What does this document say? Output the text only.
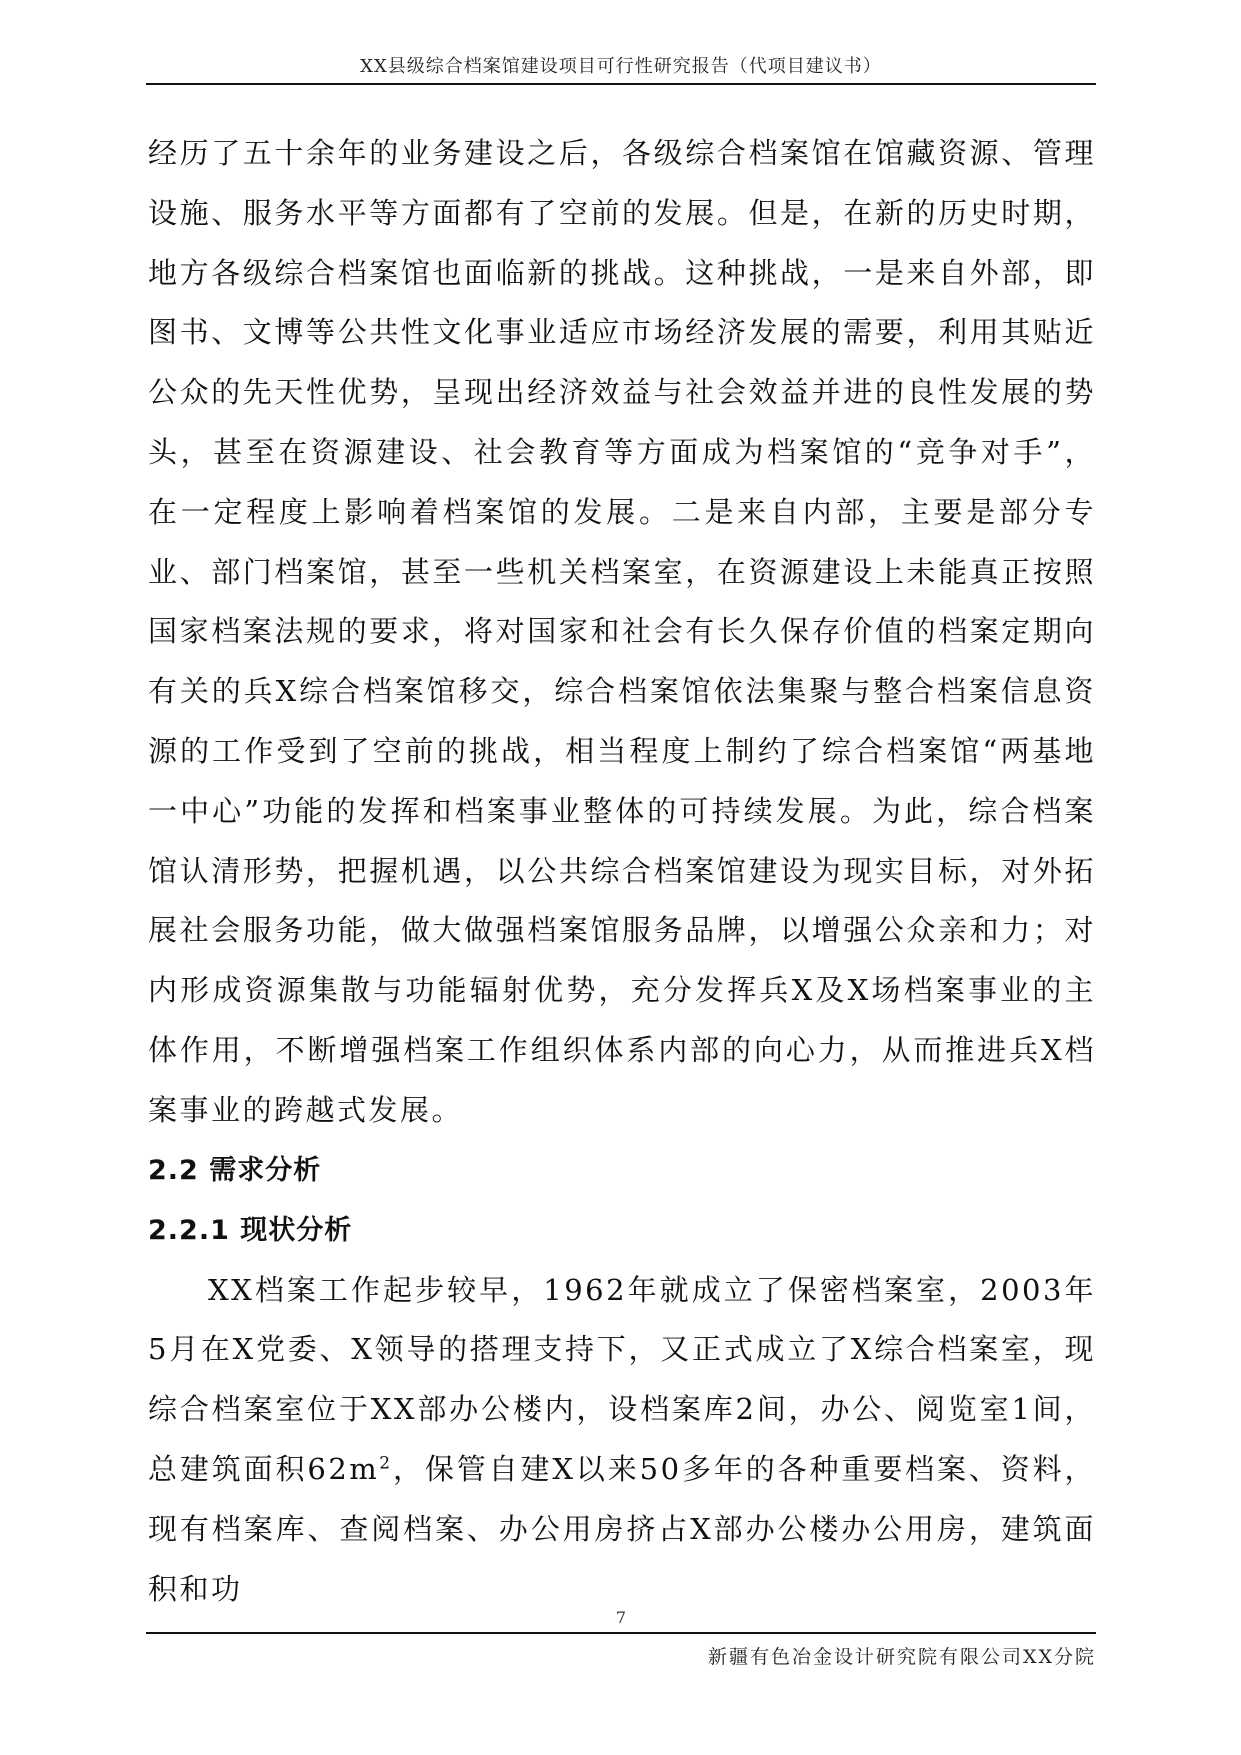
XX县级综合档案馆建设项目可行性研究报告（代项目建议书）

经历了五十余年的业务建设之后，各级综合档案馆在馆藏资源、管理设施、服务水平等方面都有了空前的发展。但是，在新的历史时期，地方各级综合档案馆也面临新的挑战。这种挑战，一是来自外部，即图书、文博等公共性文化事业适应市场经济发展的需要，利用其贴近公众的先天性优势，呈现出经济效益与社会效益并进的良性发展的势头，甚至在资源建设、社会教育等方面成为档案馆的“竞争对手”，在一定程度上影响着档案馆的发展。二是来自内部，主要是部分专业、部门档案馆，甚至一些机关档案室，在资源建设上未能真正按照国家档案法规的要求，将对国家和社会有长久保存价值的档案定期向有关的兵X综合档案馆移交，综合档案馆依法集聚与整合档案信息资源的工作受到了空前的挑战，相当程度上制约了综合档案馆“两基地一中心”功能的发挥和档案事业整体的可持续发展。为此，综合档案馆认清形势，把握机遇，以公共综合档案馆建设为现实目标，对外拓展社会服务功能，做大做强档案馆服务品牌，以增强公众亲和力；对内形成资源集散与功能辐射优势，充分发挥兵X及X场档案事业的主体作用，不断增强档案工作组织体系内部的向心力，从而推进兵X档案事业的跨越式发展。

2.2 需求分析
2.2.1 现状分析

XX档案工作起步较早，1962年就成立了保密档案室，2003年5月在X党委、X领导的搭理支持下，又正式成立了X综合档案室，现综合档案室位于XX部办公楼内，设档案库2间，办公、阅览室1间，总建筑面积$62m^2$，保管自建X以来50多年的各种重要档案、资料，现有档案库、查阅档案、办公用房挤占X部办公楼办公用房，建筑面积和功

7
新疆有色冶金设计研究院有限公司XX分院
